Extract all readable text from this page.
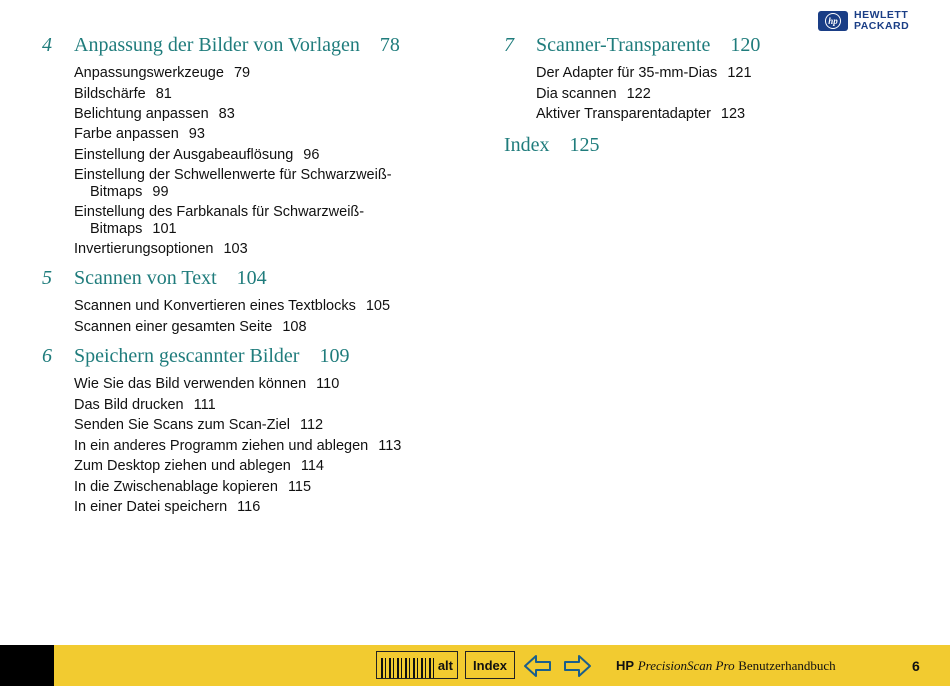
4 Anpassung der Bilder von Vorlagen 78
Anpassungswerkzeuge 79
Bildschärfe 81
Belichtung anpassen 83
Farbe anpassen 93
Einstellung der Ausgabeauflösung 96
Einstellung der Schwellenwerte für Schwarzweiß-
Bitmaps 99
Einstellung des Farbkanals für Schwarzweiß-
Bitmaps 101
Invertierungsoptionen 103
5 Scannen von Text 104
Scannen und Konvertieren eines Textblocks 105
Scannen einer gesamten Seite 108
6 Speichern gescannter Bilder 109
Wie Sie das Bild verwenden können 110
Das Bild drucken 111
Senden Sie Scans zum Scan-Ziel 112
In ein anderes Programm ziehen und ablegen 113
Zum Desktop ziehen und ablegen 114
In die Zwischenablage kopieren 115
In einer Datei speichern 116
7 Scanner-Transparente 120
Der Adapter für 35-mm-Dias 121
Dia scannen 122
Aktiver Transparentadapter 123
Index 125
hp	HEWLETT
PACKARD
alt	Index	HP PrecisionScan Pro Benutzerhandbuch	6
